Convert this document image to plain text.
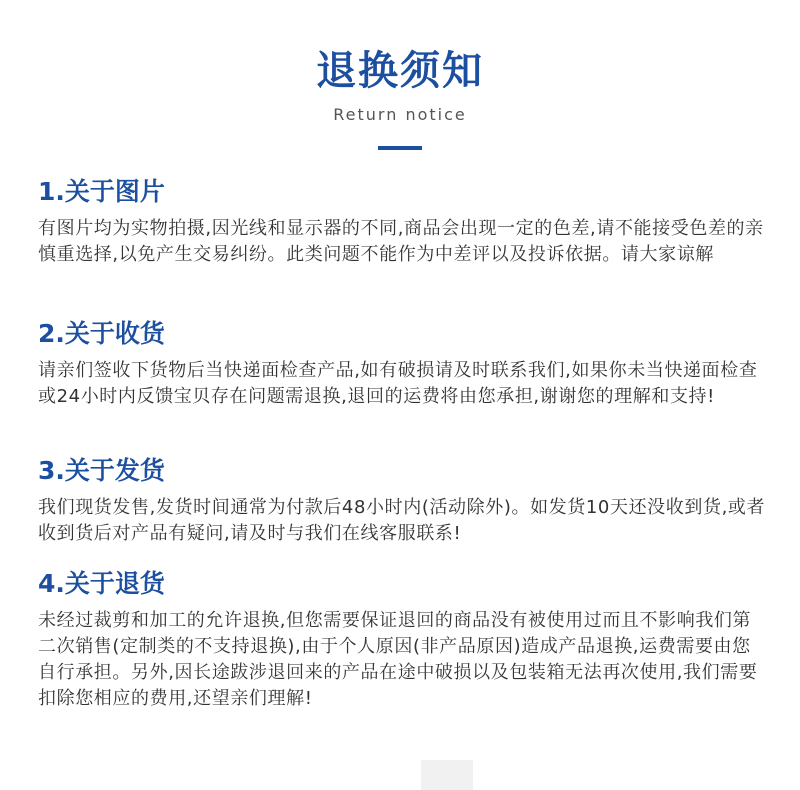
退换须知
Return notice
1.关于图片

有图片均为实物拍摄,因光线和显示器的不同,商品会出现一定的色差,请不能接受色差的亲慎重选择,以免产生交易纠纷。此类问题不能作为中差评以及投诉依据。请大家谅解

2.关于收货

请亲们签收下货物后当快递面检查产品,如有破损请及时联系我们,如果你未当快递面检查或24小时内反馈宝贝存在问题需退换,退回的运费将由您承担,谢谢您的理解和支持!

3.关于发货

我们现货发售,发货时间通常为付款后48小时内(活动除外)。如发货10天还没收到货,或者收到货后对产品有疑问,请及时与我们在线客服联系!

4.关于退货

未经过裁剪和加工的允许退换,但您需要保证退回的商品没有被使用过而且不影响我们第二次销售(定制类的不支持退换),由于个人原因(非产品原因)造成产品退换,运费需要由您自行承担。另外,因长途跋涉退回来的产品在途中破损以及包装箱无法再次使用,我们需要扣除您相应的费用,还望亲们理解!
